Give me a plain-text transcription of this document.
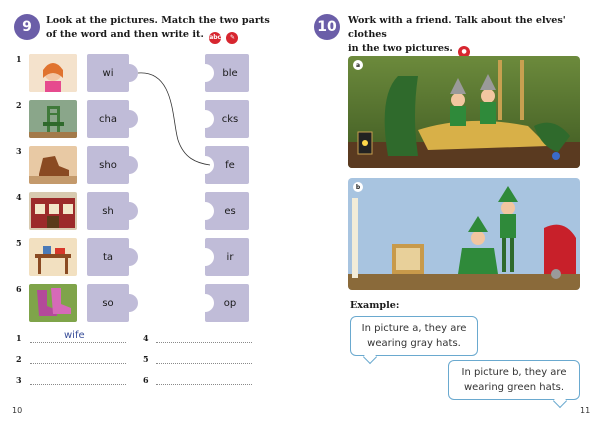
9	Look at the pictures. Match the two parts
of the word and then write it. abc ✎
1
wi	ble
2
cha	cks
3
sho	fe
4
sh	es
5
ta	ir
6
so	op
1	wife
2
3
4
5
6
10
10	Work with a friend. Talk about the elves' clothes
in the two pictures. ●
a
b
Example:
In picture a, they are
wearing gray hats.
In picture b, they are
wearing green hats.
11
